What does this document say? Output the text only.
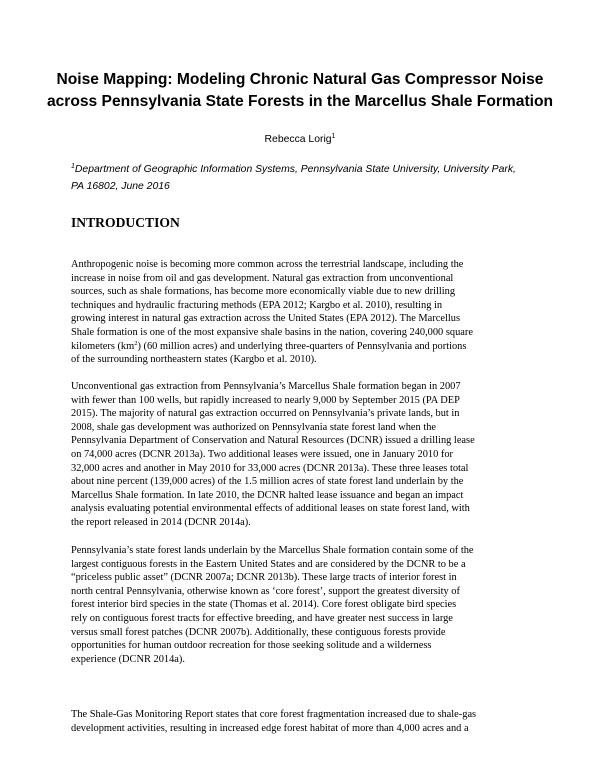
Noise Mapping: Modeling Chronic Natural Gas Compressor Noise
across Pennsylvania State Forests in the Marcellus Shale Formation

Rebecca Lorig$^1$

$^1$Department of Geographic Information Systems, Pennsylvania State University, University Park,
PA 16802, June 2016

INTRODUCTION

Anthropogenic noise is becoming more common across the terrestrial landscape, including the
increase in noise from oil and gas development. Natural gas extraction from unconventional
sources, such as shale formations, has become more economically viable due to new drilling
techniques and hydraulic fracturing methods (EPA 2012; Kargbo et al. 2010), resulting in
growing interest in natural gas extraction across the United States (EPA 2012). The Marcellus
Shale formation is one of the most expansive shale basins in the nation, covering 240,000 square
kilometers $(km^2)$ (60 million acres) and underlying three-quarters of Pennsylvania and portions
of the surrounding northeastern states (Kargbo et al. 2010).

Unconventional gas extraction from Pennsylvania’s Marcellus Shale formation began in 2007
with fewer than 100 wells, but rapidly increased to nearly 9,000 by September 2015 (PA DEP
2015). The majority of natural gas extraction occurred on Pennsylvania’s private lands, but in
2008, shale gas development was authorized on Pennsylvania state forest land when the
Pennsylvania Department of Conservation and Natural Resources (DCNR) issued a drilling lease
on 74,000 acres (DCNR 2013a). Two additional leases were issued, one in January 2010 for
32,000 acres and another in May 2010 for 33,000 acres (DCNR 2013a). These three leases total
about nine percent (139,000 acres) of the 1.5 million acres of state forest land underlain by the
Marcellus Shale formation. In late 2010, the DCNR halted lease issuance and began an impact
analysis evaluating potential environmental effects of additional leases on state forest land, with
the report released in 2014 (DCNR 2014a).

Pennsylvania’s state forest lands underlain by the Marcellus Shale formation contain some of the
largest contiguous forests in the Eastern United States and are considered by the DCNR to be a
“priceless public asset” (DCNR 2007a; DCNR 2013b). These large tracts of interior forest in
north central Pennsylvania, otherwise known as ‘core forest’, support the greatest diversity of
forest interior bird species in the state (Thomas et al. 2014). Core forest obligate bird species
rely on contiguous forest tracts for effective breeding, and have greater nest success in large
versus small forest patches (DCNR 2007b). Additionally, these contiguous forests provide
opportunities for human outdoor recreation for those seeking solitude and a wilderness
experience (DCNR 2014a).

The Shale-Gas Monitoring Report states that core forest fragmentation increased due to shale-gas
development activities, resulting in increased edge forest habitat of more than 4,000 acres and a
